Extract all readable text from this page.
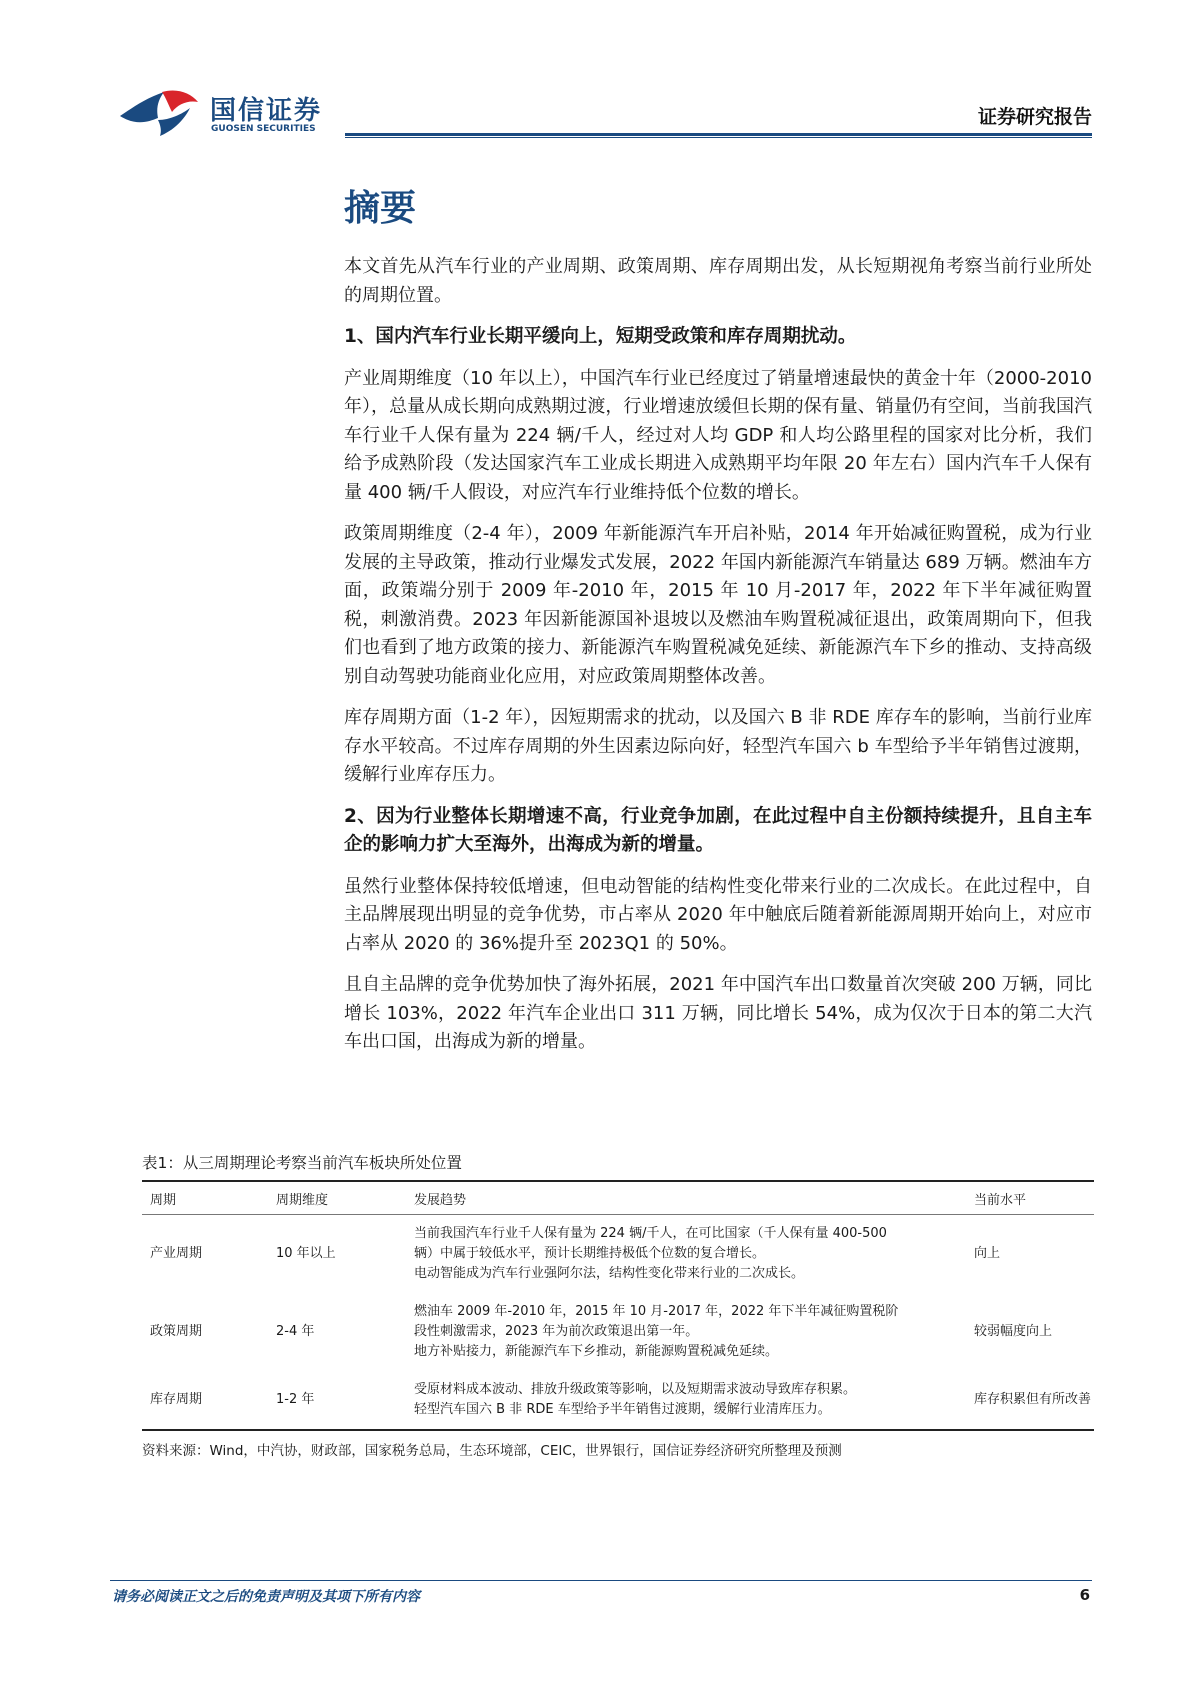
国信证券
GUOSEN SECURITIES
证券研究报告
摘要

本文首先从汽车行业的产业周期、政策周期、库存周期出发，从长短期视角考察当前行业所处的周期位置。

1、国内汽车行业长期平缓向上，短期受政策和库存周期扰动。

产业周期维度（10 年以上），中国汽车行业已经度过了销量增速最快的黄金十年（2000-2010 年），总量从成长期向成熟期过渡，行业增速放缓但长期的保有量、销量仍有空间，当前我国汽车行业千人保有量为 224 辆/千人，经过对人均 GDP 和人均公路里程的国家对比分析，我们给予成熟阶段（发达国家汽车工业成长期进入成熟期平均年限 20 年左右）国内汽车千人保有量 400 辆/千人假设，对应汽车行业维持低个位数的增长。

政策周期维度（2-4 年），2009 年新能源汽车开启补贴，2014 年开始减征购置税，成为行业发展的主导政策，推动行业爆发式发展，2022 年国内新能源汽车销量达 689 万辆。燃油车方面，政策端分别于 2009 年-2010 年，2015 年 10 月-2017 年，2022 年下半年减征购置税，刺激消费。2023 年因新能源国补退坡以及燃油车购置税减征退出，政策周期向下，但我们也看到了地方政策的接力、新能源汽车购置税减免延续、新能源汽车下乡的推动、支持高级别自动驾驶功能商业化应用，对应政策周期整体改善。

库存周期方面（1-2 年），因短期需求的扰动，以及国六 B 非 RDE 库存车的影响，当前行业库存水平较高。不过库存周期的外生因素边际向好，轻型汽车国六 b 车型给予半年销售过渡期，缓解行业库存压力。

2、因为行业整体长期增速不高，行业竞争加剧，在此过程中自主份额持续提升，且自主车企的影响力扩大至海外，出海成为新的增量。

虽然行业整体保持较低增速，但电动智能的结构性变化带来行业的二次成长。在此过程中，自主品牌展现出明显的竞争优势，市占率从 2020 年中触底后随着新能源周期开始向上，对应市占率从 2020 的 36%提升至 2023Q1 的 50%。

且自主品牌的竞争优势加快了海外拓展，2021 年中国汽车出口数量首次突破 200 万辆，同比增长 103%，2022 年汽车企业出口 311 万辆，同比增长 54%，成为仅次于日本的第二大汽车出口国，出海成为新的增量。

表1：从三周期理论考察当前汽车板块所处位置
周期	周期维度	发展趋势	当前水平
产业周期	10 年以上	当前我国汽车行业千人保有量为 224 辆/千人，在可比国家（千人保有量 400-500
辆）中属于较低水平，预计长期维持极低个位数的复合增长。
电动智能成为汽车行业强阿尔法，结构性变化带来行业的二次成长。	向上
政策周期	2-4 年	燃油车 2009 年-2010 年，2015 年 10 月-2017 年，2022 年下半年减征购置税阶
段性刺激需求，2023 年为前次政策退出第一年。
地方补贴接力，新能源汽车下乡推动，新能源购置税减免延续。	较弱幅度向上
库存周期	1-2 年	受原材料成本波动、排放升级政策等影响，以及短期需求波动导致库存积累。
轻型汽车国六 B 非 RDE 车型给予半年销售过渡期，缓解行业清库压力。	库存积累但有所改善
资料来源：Wind，中汽协，财政部，国家税务总局，生态环境部，CEIC，世界银行，国信证券经济研究所整理及预测
请务必阅读正文之后的免责声明及其项下所有内容	6
